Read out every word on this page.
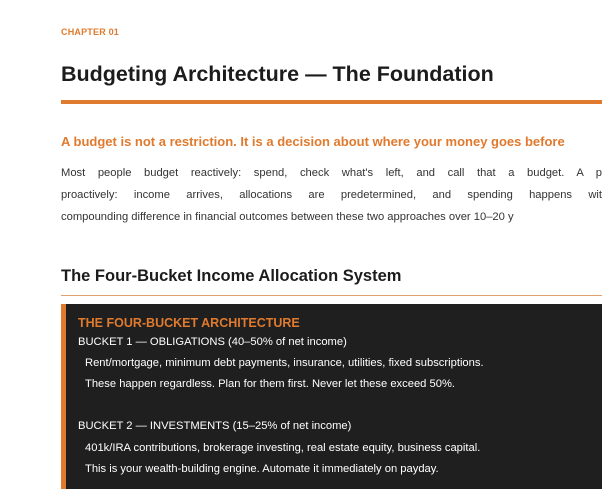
CHAPTER 01
Budgeting Architecture — The Foundation
A budget is not a restriction. It is a decision about where your money goes before
Most people budget reactively: spend, check what's left, and call that a budget. A p
proactively: income arrives, allocations are predetermined, and spending happens wit
compounding difference in financial outcomes between these two approaches over 10–20 y
The Four-Bucket Income Allocation System
THE FOUR-BUCKET ARCHITECTURE
BUCKET 1 — OBLIGATIONS (40–50% of net income)
Rent/mortgage, minimum debt payments, insurance, utilities, fixed subscriptions.
These happen regardless. Plan for them first. Never let these exceed 50%.
BUCKET 2 — INVESTMENTS (15–25% of net income)
401k/IRA contributions, brokerage investing, real estate equity, business capital.
This is your wealth-building engine. Automate it immediately on payday.
